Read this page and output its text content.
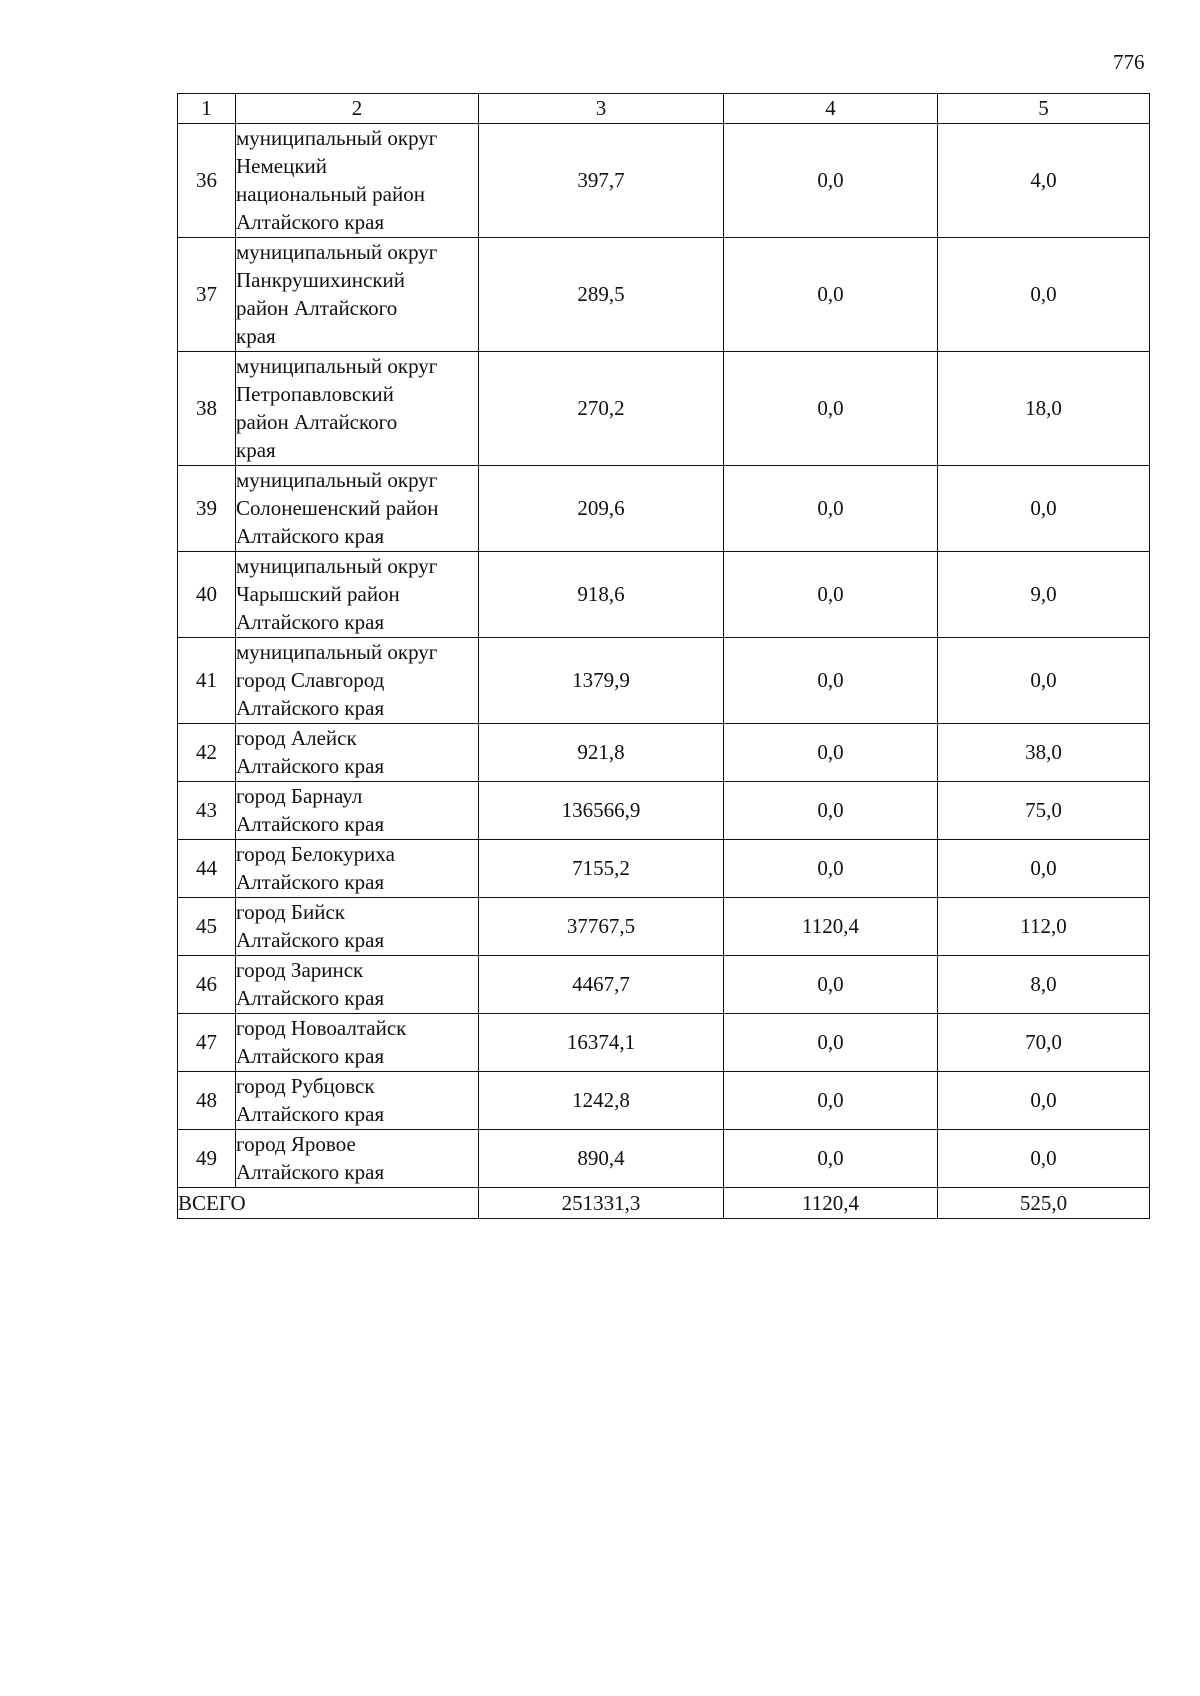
776
1	2	3	4	5
36	муниципальный округ
Немецкий
национальный район
Алтайского края	397,7	0,0	4,0
37	муниципальный округ
Панкрушихинский
район Алтайского
края	289,5	0,0	0,0
38	муниципальный округ
Петропавловский
район Алтайского
края	270,2	0,0	18,0
39	муниципальный округ
Солонешенский район
Алтайского края	209,6	0,0	0,0
40	муниципальный округ
Чарышский район
Алтайского края	918,6	0,0	9,0
41	муниципальный округ
город Славгород
Алтайского края	1379,9	0,0	0,0
42	город Алейск
Алтайского края	921,8	0,0	38,0
43	город Барнаул
Алтайского края	136566,9	0,0	75,0
44	город Белокуриха
Алтайского края	7155,2	0,0	0,0
45	город Бийск
Алтайского края	37767,5	1120,4	112,0
46	город Заринск
Алтайского края	4467,7	0,0	8,0
47	город Новоалтайск
Алтайского края	16374,1	0,0	70,0
48	город Рубцовск
Алтайского края	1242,8	0,0	0,0
49	город Яровое
Алтайского края	890,4	0,0	0,0
ВСЕГО		251331,3	1120,4	525,0
